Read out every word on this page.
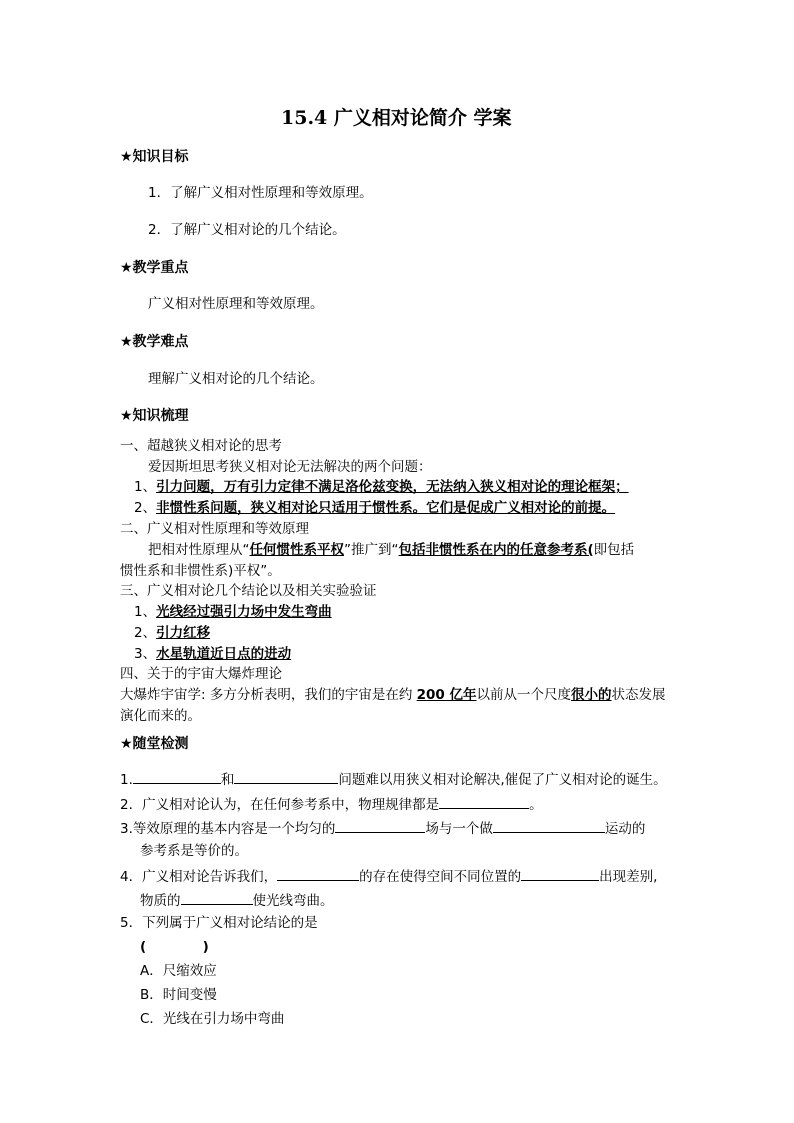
15.4 广义相对论简介 学案
★知识目标
1．了解广义相对性原理和等效原理。
2．了解广义相对论的几个结论。
★教学重点
广义相对性原理和等效原理。
★教学难点
理解广义相对论的几个结论。
★知识梳理
一、超越狭义相对论的思考
爱因斯坦思考狭义相对论无法解决的两个问题：
1、引力问题，万有引力定律不满足洛伦兹变换，无法纳入狭义相对论的理论框架；
2、非惯性系问题，狭义相对论只适用于惯性系。它们是促成广义相对论的前提。
二、广义相对性原理和等效原理
把相对性原理从“任何惯性系平权”推广到“包括非惯性系在内的任意参考系(即包括
惯性系和非惯性系)平权”。
三、广义相对论几个结论以及相关实验验证
1、光线经过强引力场中发生弯曲
2、引力红移
3、水星轨道近日点的进动
四、关于的宇宙大爆炸理论
大爆炸宇宙学: 多方分析表明，我们的宇宙是在约 200 亿年以前从一个尺度很小的状态发展
演化而来的。
★随堂检测
1.	和	问题难以用狭义相对论解决,催促了广义相对论的诞生。
2．广义相对论认为，在任何参考系中，物理规律都是	。
3.等效原理的基本内容是一个均匀的	场与一个做	运动的
参考系是等价的。
4．广义相对论告诉我们，	的存在使得空间不同位置的	出现差别,
物质的	使光线弯曲。
5．下列属于广义相对论结论的是
(            )
A．尺缩效应
B．时间变慢
C．光线在引力场中弯曲
